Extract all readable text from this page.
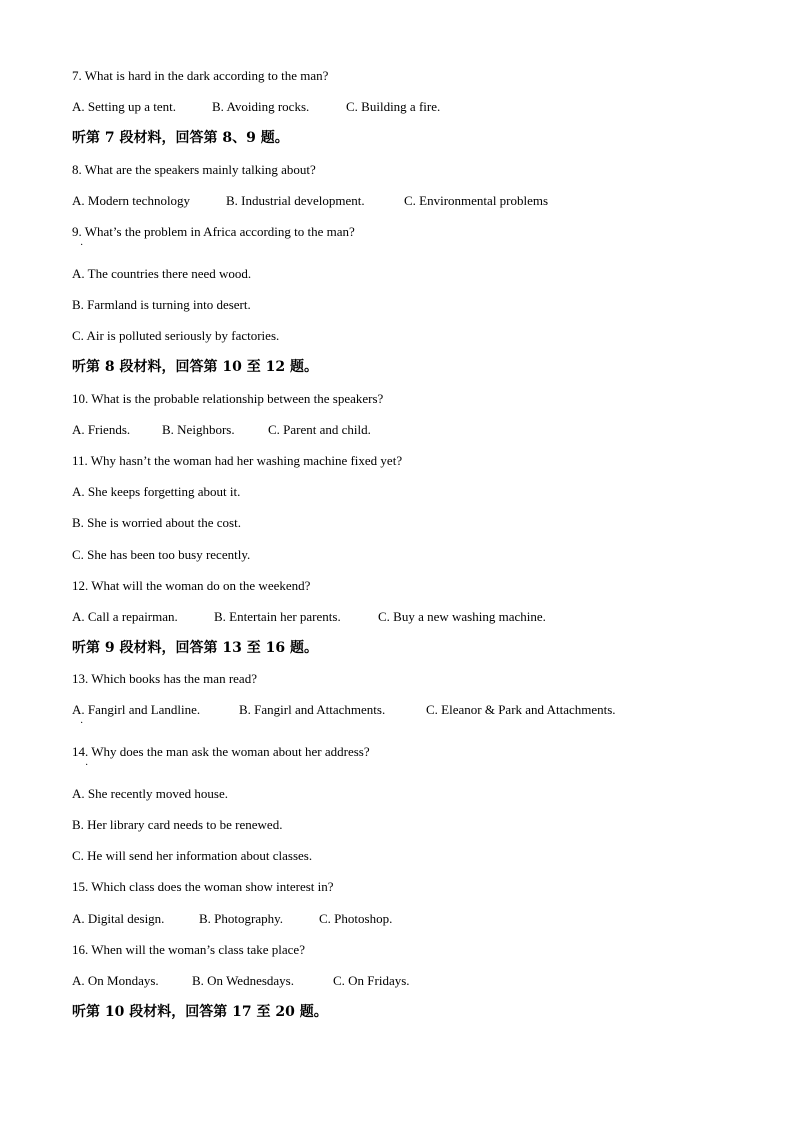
7. What is hard in the dark according to the man?
A. Setting up a tent.	B. Avoiding rocks.	C. Building a fire.
听第 7 段材料，回答第 8、9 题。
8. What are the speakers mainly talking about?
A. Modern technology	B. Industrial development.	C. Environmental problems
9. What’s the problem in Africa according to the man?
·
A. The countries there need wood.
B. Farmland is turning into desert.
C. Air is polluted seriously by factories.
听第 8 段材料，回答第 10 至 12 题。
10. What is the probable relationship between the speakers?
A. Friends. B. Neighbors.	C. Parent and child.
11. Why hasn’t the woman had her washing machine fixed yet?
A. She keeps forgetting about it.
B. She is worried about the cost.
C. She has been too busy recently.
12. What will the woman do on the weekend?
A. Call a repairman.	B. Entertain her parents.	C. Buy a new washing machine.
听第 9 段材料，回答第 13 至 16 题。
13. Which books has the man read?
A. Fangirl and Landline.	B. Fangirl and Attachments.	C. Eleanor & Park and Attachments.
·
14. Why does the man ask the woman about her address?
·
A. She recently moved house.
B. Her library card needs to be renewed.
C. He will send her information about classes.
15. Which class does the woman show interest in?
A. Digital design.	B. Photography.	C. Photoshop.
16. When will the woman’s class take place?
A. On Mondays.	B. On Wednesdays.	C. On Fridays.
听第 10 段材料，回答第 17 至 20 题。
